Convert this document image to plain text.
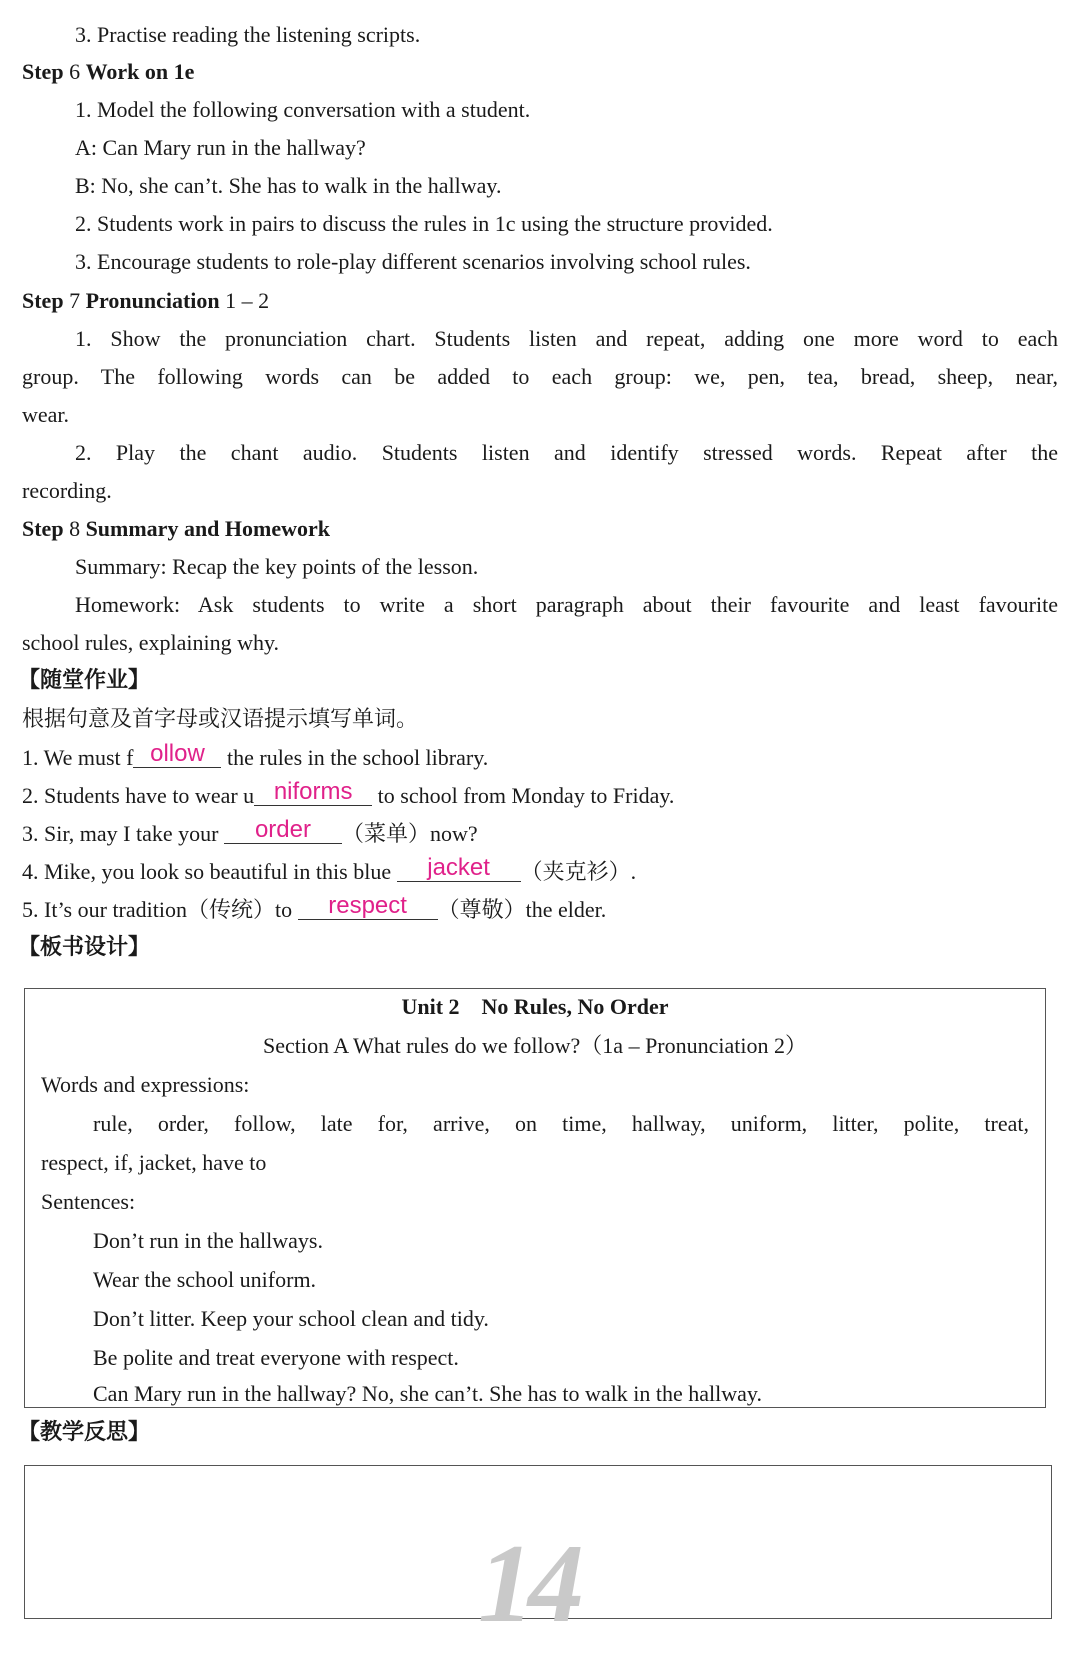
3. Practise reading the listening scripts.
Step 6 Work on 1e
1. Model the following conversation with a student.
A: Can Mary run in the hallway?
B: No, she can’t. She has to walk in the hallway.
2. Students work in pairs to discuss the rules in 1c using the structure provided.
3. Encourage students to role-play different scenarios involving school rules.
Step 7 Pronunciation 1 – 2
1. Show the pronunciation chart. Students listen and repeat, adding one more word to each
group. The following words can be added to each group: we, pen, tea, bread, sheep, near,
wear.
2. Play the chant audio. Students listen and identify stressed words. Repeat after the
recording.
Step 8 Summary and Homework
Summary: Recap the key points of the lesson.
Homework: Ask students to write a short paragraph about their favourite and least favourite
school rules, explaining why.
【随堂作业】
根据句意及首字母或汉语提示填写单词。
1. We must f ollow the rules in the school library.
2. Students have to wear u niforms to school from Monday to Friday.
3. Sir, may I take your order （菜单）now?
4. Mike, you look so beautiful in this blue jacket （夹克衫）.
5. It’s our tradition（传统）to respect （尊敬）the elder.
【板书设计】
Unit 2 No Rules, No Order
Section A What rules do we follow?（1a – Pronunciation 2）
Words and expressions:
rule, order, follow, late for, arrive, on time, hallway, uniform, litter, polite, treat,
respect, if, jacket, have to
Sentences:
Don’t run in the hallways.
Wear the school uniform.
Don’t litter. Keep your school clean and tidy.
Be polite and treat everyone with respect.
Can Mary run in the hallway? No, she can’t. She has to walk in the hallway.
【教学反思】
14
